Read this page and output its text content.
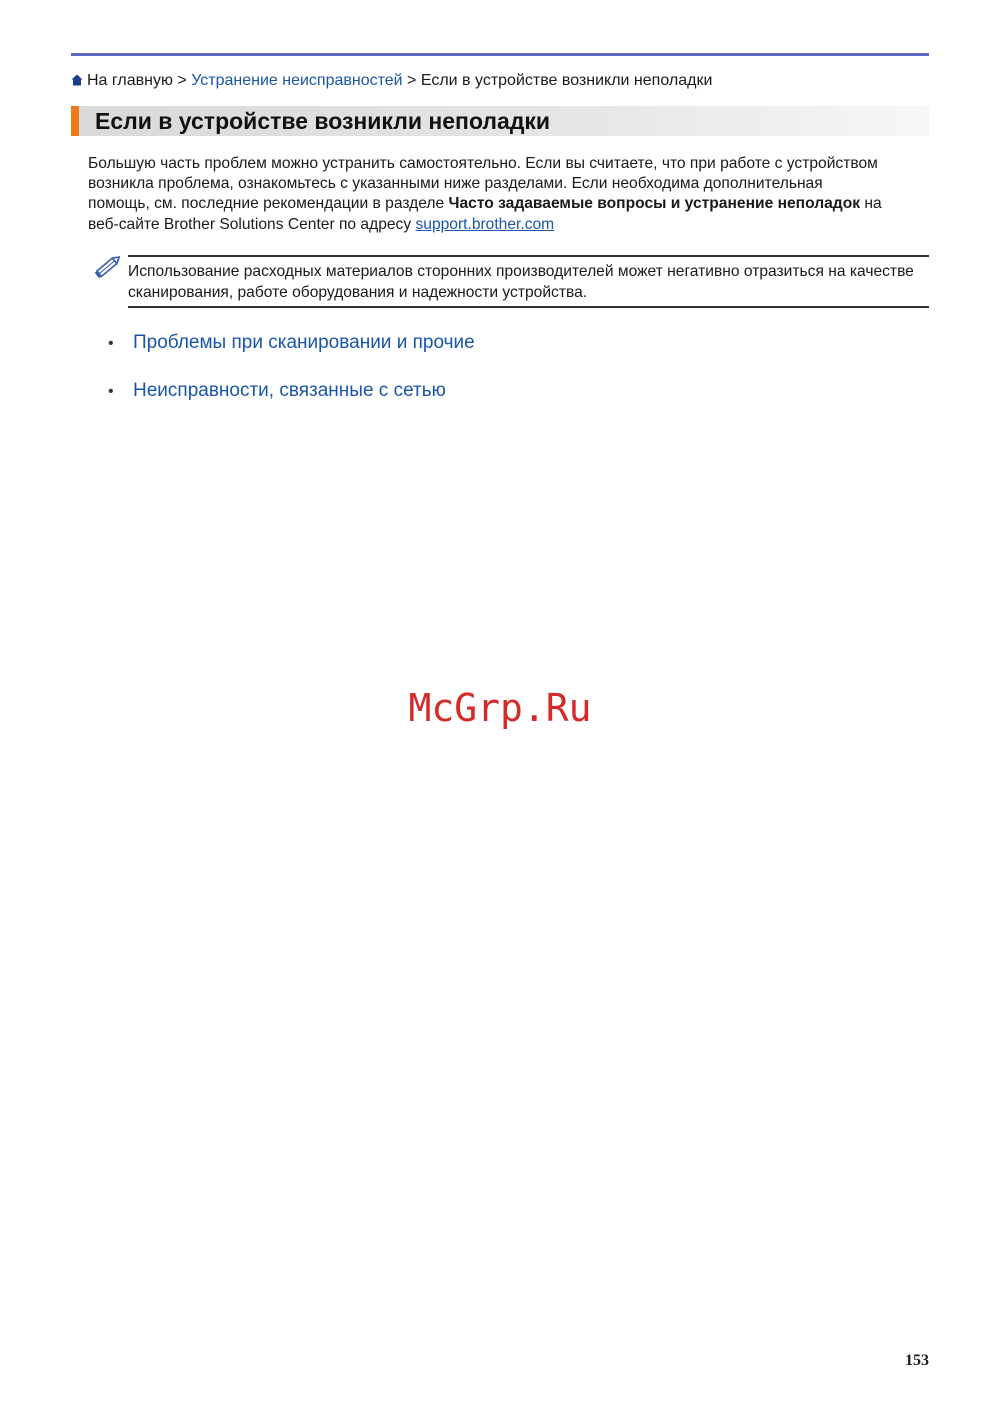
На главную > Устранение неисправностей > Если в устройстве возникли неполадки
Если в устройстве возникли неполадки

Большую часть проблем можно устранить самостоятельно. Если вы считаете, что при работе с устройством возникла проблема, ознакомьтесь с указанными ниже разделами. Если необходима дополнительная помощь, см. последние рекомендации в разделе Часто задаваемые вопросы и устранение неполадок на веб-сайте Brother Solutions Center по адресу support.brother.com

Использование расходных материалов сторонних производителей может негативно отразиться на качестве сканирования, работе оборудования и надежности устройства.

• Проблемы при сканировании и прочие
• Неисправности, связанные с сетью
McGrp.Ru
153
